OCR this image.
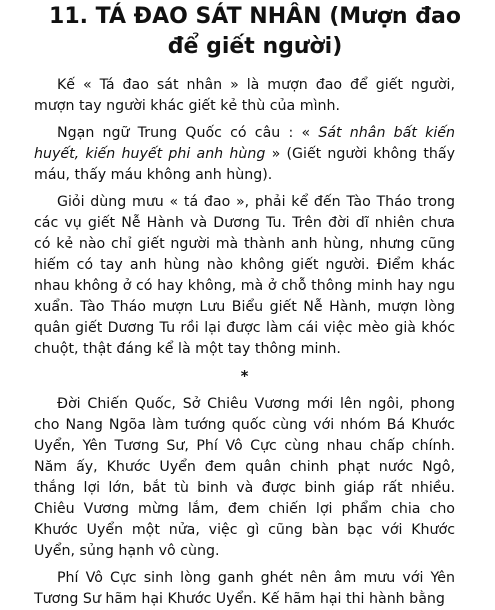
11. TÁ ĐAO SÁT NHÂN (Mượn đao để giết người)

Kế « Tá đao sát nhân » là mượn đao để giết người, mượn tay người khác giết kẻ thù của mình.

Ngạn ngữ Trung Quốc có câu : « Sát nhân bất kiến huyết, kiến huyết phi anh hùng » (Giết người không thấy máu, thấy máu không anh hùng).

Giỏi dùng mưu « tá đao », phải kể đến Tào Tháo trong các vụ giết Nễ Hành và Dương Tu. Trên đời dĩ nhiên chưa có kẻ nào chỉ giết người mà thành anh hùng, nhưng cũng hiếm có tay anh hùng nào không giết người. Điểm khác nhau không ở có hay không, mà ở chỗ thông minh hay ngu xuẩn. Tào Tháo mượn Lưu Biểu giết Nễ Hành, mượn lòng quân giết Dương Tu rồi lại được làm cái việc mèo già khóc chuột, thật đáng kể là một tay thông minh.

*

Đời Chiến Quốc, Sở Chiêu Vương mới lên ngôi, phong cho Nang Ngõa làm tướng quốc cùng với nhóm Bá Khước Uyển, Yên Tương Sư, Phí Vô Cực cùng nhau chấp chính. Năm ấy, Khước Uyển đem quân chinh phạt nước Ngô, thắng lợi lớn, bắt tù binh và được binh giáp rất nhiều. Chiêu Vương mừng lắm, đem chiến lợi phẩm chia cho Khước Uyển một nửa, việc gì cũng bàn bạc với Khước Uyển, sủng hạnh vô cùng.

Phí Vô Cực sinh lòng ganh ghét nên âm mưu với Yên Tương Sư hãm hại Khước Uyển. Kế hãm hại thi hành bằng
